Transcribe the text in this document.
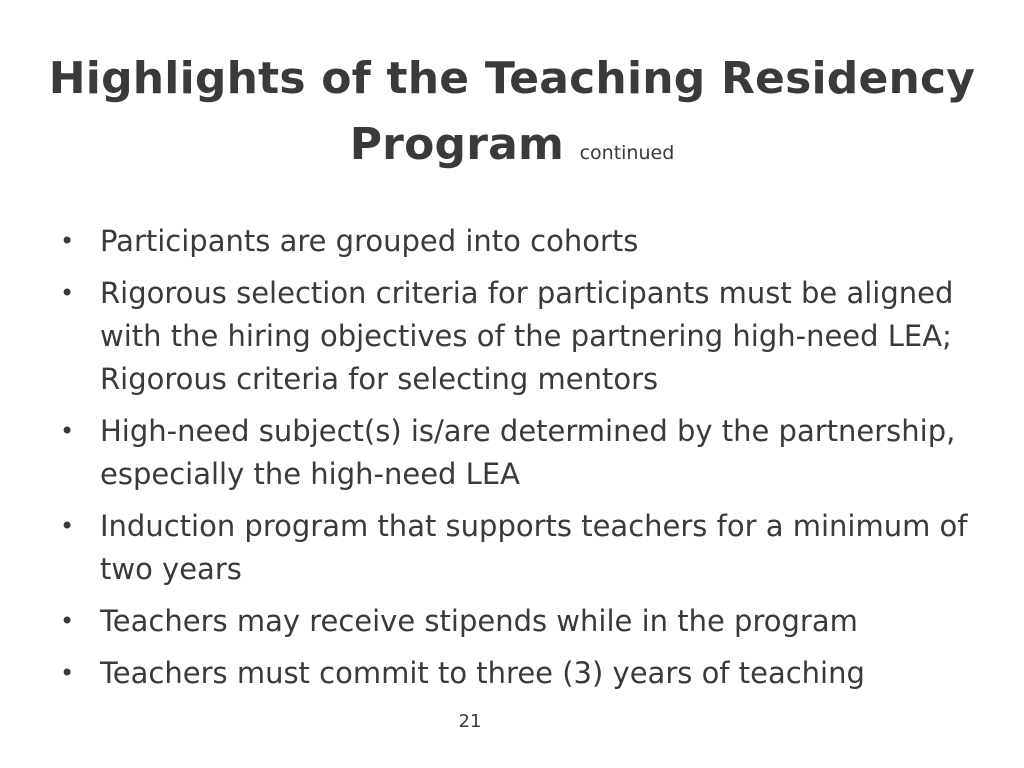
Highlights of the Teaching Residency Program continued
• Participants are grouped into cohorts
• Rigorous selection criteria for participants must be aligned with the hiring objectives of the partnering high-need LEA; Rigorous criteria for selecting mentors
• High-need subject(s) is/are determined by the partnership, especially the high-need LEA
• Induction program that supports teachers for a minimum of two years
• Teachers may receive stipends while in the program
• Teachers must commit to three (3) years of teaching
21
